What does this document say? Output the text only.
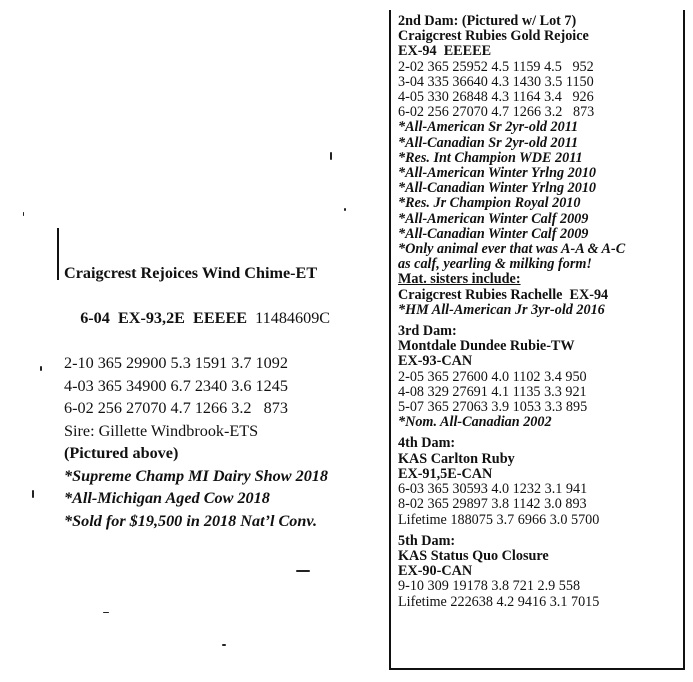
Craigcrest Rejoices Wind Chime-ET

6-04  EX-93,2E  EEEEE 11484609C

2-10 365 29900 5.3 1591 3.7 1092
4-03 365 34900 6.7 2340 3.6 1245
6-02 256 27070 4.7 1266 3.2   873
Sire: Gillette Windbrook-ETS
(Pictured above)
*Supreme Champ MI Dairy Show 2018
*All-Michigan Aged Cow 2018
*Sold for $19,500 in 2018 Nat’l Conv.
2nd Dam: (Pictured w/ Lot 7)
Craigcrest Rubies Gold Rejoice
EX-94  EEEEE
2-02 365 25952 4.5 1159 4.5   952
3-04 335 36640 4.3 1430 3.5 1150
4-05 330 26848 4.3 1164 3.4   926
6-02 256 27070 4.7 1266 3.2   873
*All-American Sr 2yr-old 2011
*All-Canadian Sr 2yr-old 2011
*Res. Int Champion WDE 2011
*All-American Winter Yrlng 2010
*All-Canadian Winter Yrlng 2010
*Res. Jr Champion Royal 2010
*All-American Winter Calf 2009
*All-Canadian Winter Calf 2009
*Only animal ever that was A-A & A-C
as calf, yearling & milking form!
Mat. sisters include:
Craigcrest Rubies Rachelle  EX-94
*HM All-American Jr 3yr-old 2016
3rd Dam:
Montdale Dundee Rubie-TW
EX-93-CAN
2-05 365 27600 4.0 1102 3.4 950
4-08 329 27691 4.1 1135 3.3 921
5-07 365 27063 3.9 1053 3.3 895
*Nom. All-Canadian 2002
4th Dam:
KAS Carlton Ruby
EX-91,5E-CAN
6-03 365 30593 4.0 1232 3.1 941
8-02 365 29897 3.8 1142 3.0 893
Lifetime 188075 3.7 6966 3.0 5700
5th Dam:
KAS Status Quo Closure
EX-90-CAN
9-10 309 19178 3.8 721 2.9 558
Lifetime 222638 4.2 9416 3.1 7015
